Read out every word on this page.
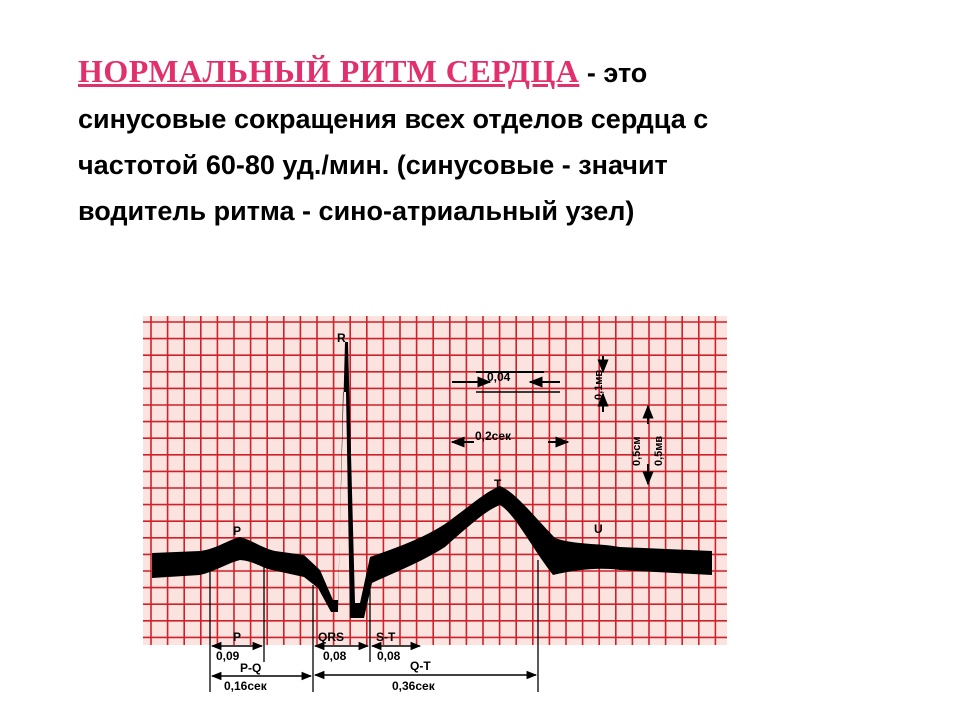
НОРМАЛЬНЫЙ РИТМ СЕРДЦА - это
синусовые сокращения всех отделов сердца с
частотой 60-80 уд./мин. (синусовые - значит
водитель ритма - сино-атриальный узел)
R
T
P	U
0,04	0,1мв
0,2сек
0,5см 0,5мв
P
0,09
P-Q
0,16сек
QRS
0,08
S-T
0,08
Q-T
0,36сек
